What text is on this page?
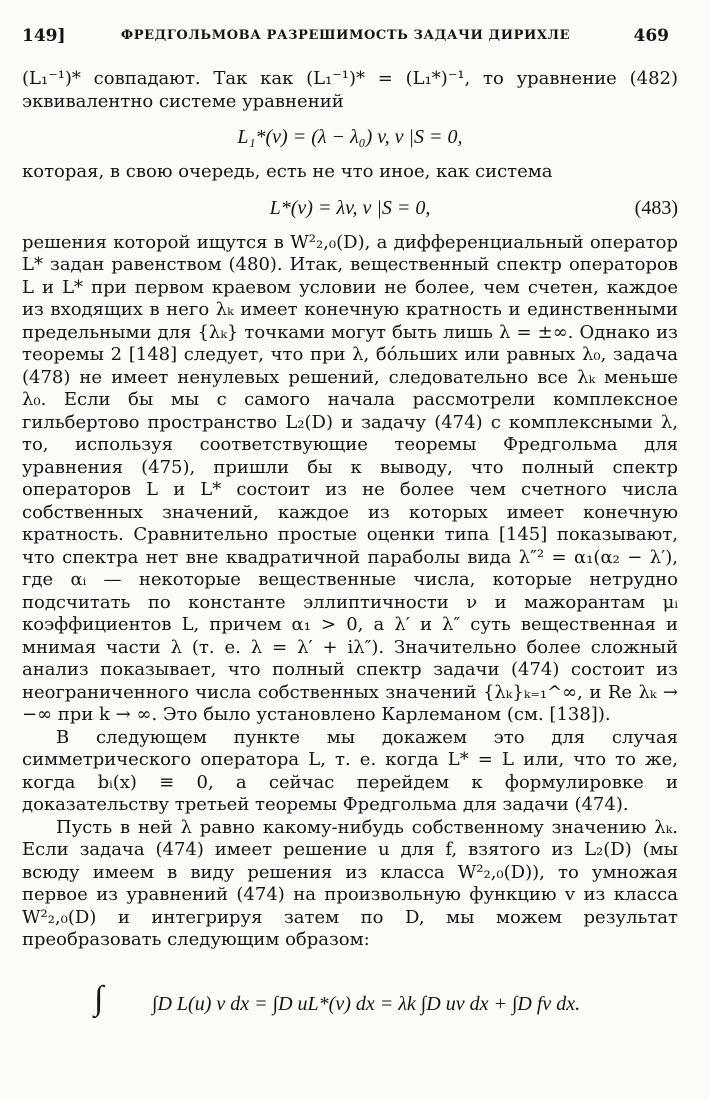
149]	ФРЕДГОЛЬМОВА РАЗРЕШИМОСТЬ ЗАДАЧИ ДИРИХЛЕ	469

(L₁⁻¹)* совпадают. Так как (L₁⁻¹)* = (L₁*)⁻¹, то уравнение (482) эквивалентно системе уравнений

L₁*(v) = (λ − λ₀) v, v |S = 0,

которая, в свою очередь, есть не что иное, как система

L*(v) = λv, v |S = 0,	(483)

решения которой ищутся в W²₂,₀(D), а дифференциальный оператор L* задан равенством (480). Итак, вещественный спектр операторов L и L* при первом краевом условии не более, чем счетен, каждое из входящих в него λₖ имеет конечную кратность и единственными предельными для {λₖ} точками могут быть лишь λ = ±∞. Однако из теоремы 2 [148] следует, что при λ, бо́льших или равных λ₀, задача (478) не имеет ненулевых решений, следовательно все λₖ меньше λ₀. Если бы мы с самого начала рассмотрели комплексное гильбертово пространство L₂(D) и задачу (474) с комплексными λ, то, используя соответствующие теоремы Фредгольма для уравнения (475), пришли бы к выводу, что полный спектр операторов L и L* состоит из не более чем счетного числа собственных значений, каждое из которых имеет конечную кратность. Сравнительно простые оценки типа [145] показывают, что спектра нет вне квадратичной параболы вида λ″² = α₁(α₂ − λ′), где αᵢ — некоторые вещественные числа, которые нетрудно подсчитать по константе эллиптичности ν и мажорантам μᵢ коэффициентов L, причем α₁ > 0, а λ′ и λ″ суть вещественная и мнимая части λ (т. е. λ = λ′ + iλ″). Значительно более сложный анализ показывает, что полный спектр задачи (474) состоит из неограниченного числа собственных значений {λₖ}ₖ₌₁^∞, и Re λₖ → −∞ при k → ∞. Это было установлено Карлеманом (см. [138]).

В следующем пункте мы докажем это для случая симметрического оператора L, т. е. когда L* = L или, что то же, когда bᵢ(x) ≡ 0, а сейчас перейдем к формулировке и доказательству третьей теоремы Фредгольма для задачи (474).

Пусть в ней λ равно какому-нибудь собственному значению λₖ. Если задача (474) имеет решение u для f, взятого из L₂(D) (мы всюду имеем в виду решения из класса W²₂,₀(D)), то умножая первое из уравнений (474) на произвольную функцию v из класса W²₂,₀(D) и интегрируя затем по D, мы можем результат преобразовать следующим образом:

∫ ∫D L(u) v dx = ∫D uL*(v) dx = λk ∫D uv dx + ∫D fv dx.
